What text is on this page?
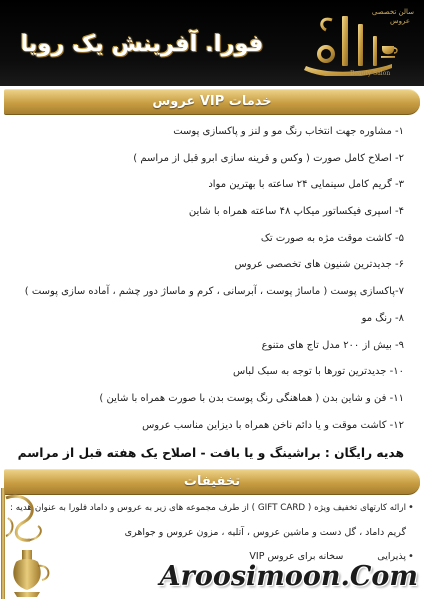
فورا. آفرینش یک رویا
سالن تخصصی
عروس
Beauty Salon
خدمات VIP عروس
۱- مشاوره جهت انتخاب رنگ مو و لنز و پاکسازی پوست
۲- اصلاح کامل صورت ( وکس و قرینه سازی ابرو قبل از مراسم )
۳- گریم کامل سینمایی ۲۴ ساعته با بهترین مواد
۴- اسپری فیکساتور میکاپ ۴۸ ساعته همراه با شاین
۵- کاشت موقت مژه به صورت تک
۶- جدیدترین شنیون های تخصصی عروس
۷-پاکسازی پوست ( ماساژ پوست ، آبرسانی ، کرم و ماساژ دور چشم ، آماده سازی پوست )
۸- رنگ مو
۹- بیش از ۲۰۰ مدل تاج های متنوع
۱۰- جدیدترین تورها با توجه به سبک لباس
۱۱- فن و شاین بدن ( هماهنگی رنگ پوست بدن با صورت همراه با شاین )
۱۲- کاشت موقت و یا دائم ناخن همراه با دیزاین مناسب عروس
هدیه رایگان : براشینگ و یا بافت - اصلاح یک هفته قبل از مراسم
تخفیفات
•
ارائه کارتهای تخفیف ویژه ( GIFT CARD ) از طرف مجموعه های زیر به عروس و داماد فلورا به عنوان هدیه :
گریم داماد ، گل دست و ماشین عروس ، آتلیه ، مزون عروس و جواهری
•
پذیرایی
سخانه برای عروس VIP
Aroosimoon.Com
